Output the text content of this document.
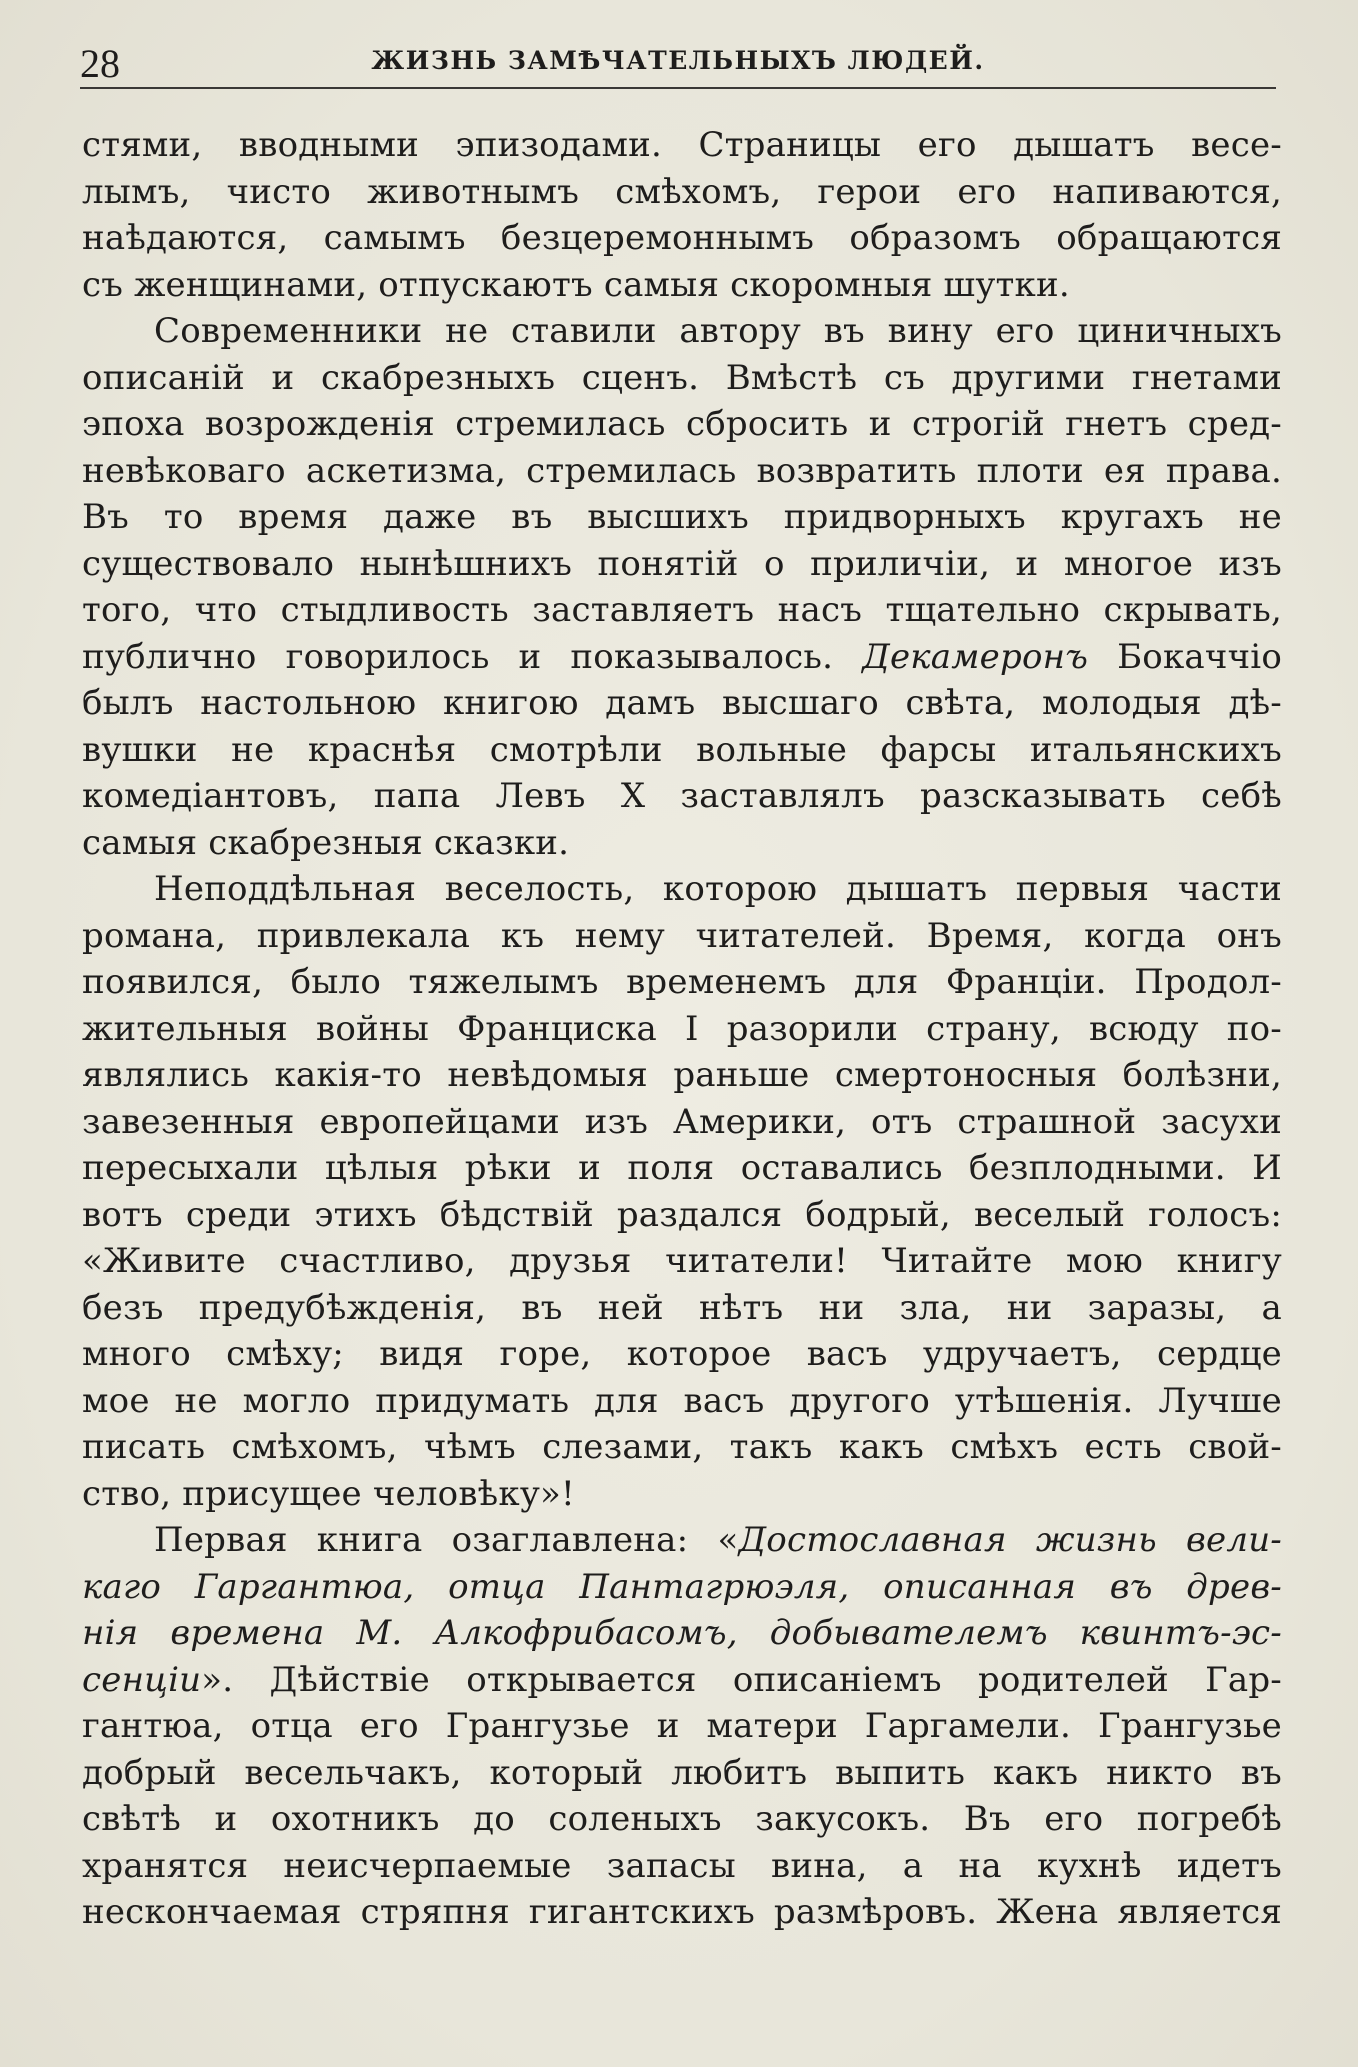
28	ЖИЗНЬ ЗАМѢЧАТЕЛЬНЫХЪ ЛЮДЕЙ.
стями, вводными эпизодами. Страницы его дышатъ весе-
лымъ, чисто животнымъ смѣхомъ, герои его напиваются,
наѣдаются, самымъ безцеремоннымъ образомъ обращаются
съ женщинами, отпускаютъ самыя скоромныя шутки.
Современники не ставили автору въ вину его циничныхъ
описаній и скабрезныхъ сценъ. Вмѣстѣ съ другими гнетами
эпоха возрожденія стремилась сбросить и строгій гнетъ сред-
невѣковаго аскетизма, стремилась возвратить плоти ея права.
Въ то время даже въ высшихъ придворныхъ кругахъ не
существовало нынѣшнихъ понятій о приличіи, и многое изъ
того, что стыдливость заставляетъ насъ тщательно скрывать,
публично говорилось и показывалось. Декамеронъ Бокаччіо
былъ настольною книгою дамъ высшаго свѣта, молодыя дѣ-
вушки не краснѣя смотрѣли вольные фарсы итальянскихъ
комедіантовъ, папа Левъ X заставлялъ разсказывать себѣ
самыя скабрезныя сказки.
Неподдѣльная веселость, которою дышатъ первыя части
романа, привлекала къ нему читателей. Время, когда онъ
появился, было тяжелымъ временемъ для Франціи. Продол-
жительныя войны Франциска I разорили страну, всюду по-
являлись какія-то невѣдомыя раньше смертоносныя болѣзни,
завезенныя европейцами изъ Америки, отъ страшной засухи
пересыхали цѣлыя рѣки и поля оставались безплодными. И
вотъ среди этихъ бѣдствій раздался бодрый, веселый голосъ:
«Живите счастливо, друзья читатели! Читайте мою книгу
безъ предубѣжденія, въ ней нѣтъ ни зла, ни заразы, а
много смѣху; видя горе, которое васъ удручаетъ, сердце
мое не могло придумать для васъ другого утѣшенія. Лучше
писать смѣхомъ, чѣмъ слезами, такъ какъ смѣхъ есть свой-
ство, присущее человѣку»!
Первая книга озаглавлена: «Достославная жизнь вели-
каго Гаргантюа, отца Пантагрюэля, описанная въ древ-
нія времена М. Алкофрибасомъ, добывателемъ квинтъ-эс-
сенціи». Дѣйствіе открывается описаніемъ родителей Гар-
гантюа, отца его Грангузье и матери Гаргамели. Грангузье
добрый весельчакъ, который любитъ выпить какъ никто въ
свѣтѣ и охотникъ до соленыхъ закусокъ. Въ его погребѣ
хранятся неисчерпаемые запасы вина, а на кухнѣ идетъ
нескончаемая стряпня гигантскихъ размѣровъ. Жена является
